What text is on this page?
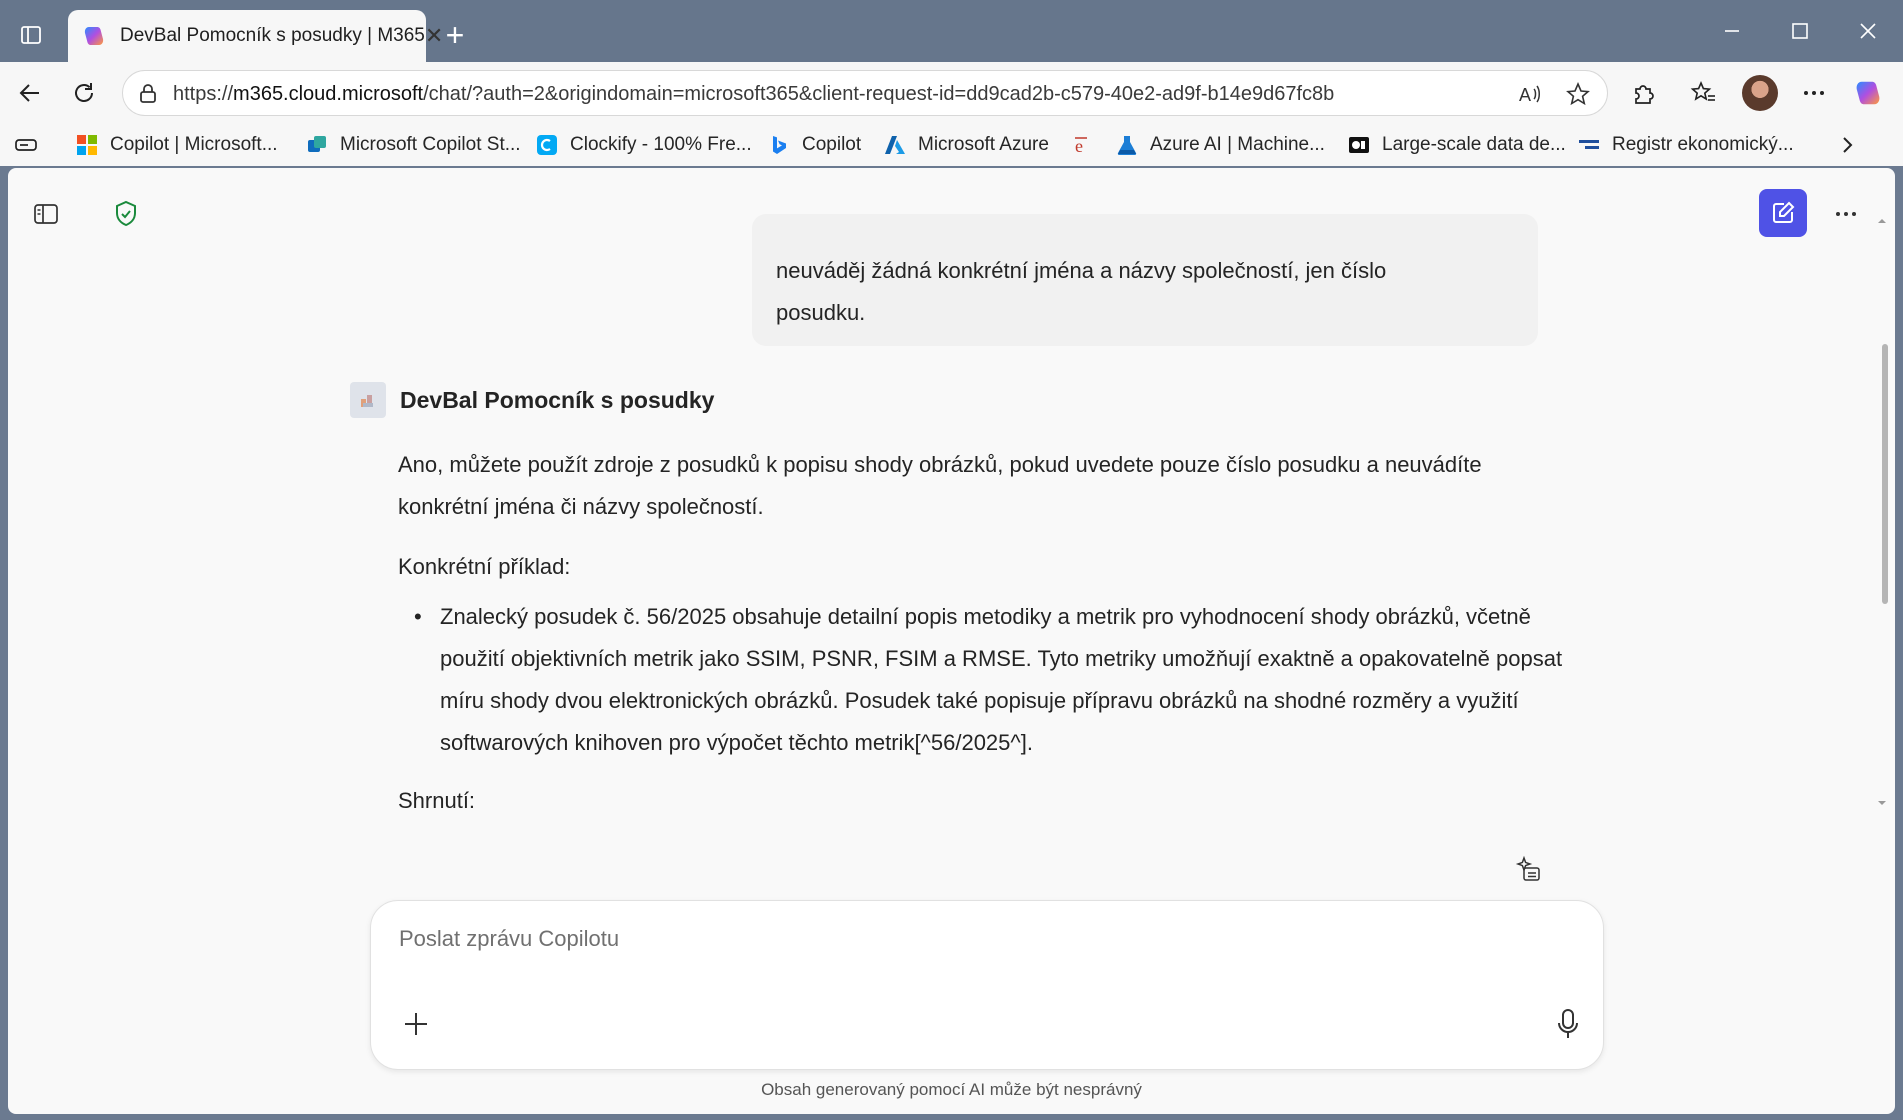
DevBal Pomocník s posudky | M365 ✕ +
https://m365.cloud.microsoft/chat/?auth=2&origindomain=microsoft365&client-request-id=dd9cad2b-c579-40e2-ad9f-b14e9d67fc8b	A
Copilot | Microsoft...	Microsoft Copilot St...	Clockify - 100% Fre...	Copilot	Microsoft Azure e	Azure AI | Machine...	Large-scale data de... Registr ekonomický...
neuváděj žádná konkrétní jména a názvy společností, jen číslo
posudku.
DevBal Pomocník s posudky

Ano, můžete použít zdroje z posudků k popisu shody obrázků, pokud uvedete pouze číslo posudku a neuvádíte konkrétní jména či názvy společností.

Konkrétní příklad:

• Znalecký posudek č. 56/2025 obsahuje detailní popis metodiky a metrik pro vyhodnocení shody obrázků, včetně použití objektivních metrik jako SSIM, PSNR, FSIM a RMSE. Tyto metriky umožňují exaktně a opakovatelně popsat míru shody dvou elektronických obrázků. Posudek také popisuje přípravu obrázků na shodné rozměry a využití softwarových knihoven pro výpočet těchto metrik[^56/2025^].

Shrnutí:

Poslat zprávu Copilotu
Obsah generovaný pomocí AI může být nesprávný
